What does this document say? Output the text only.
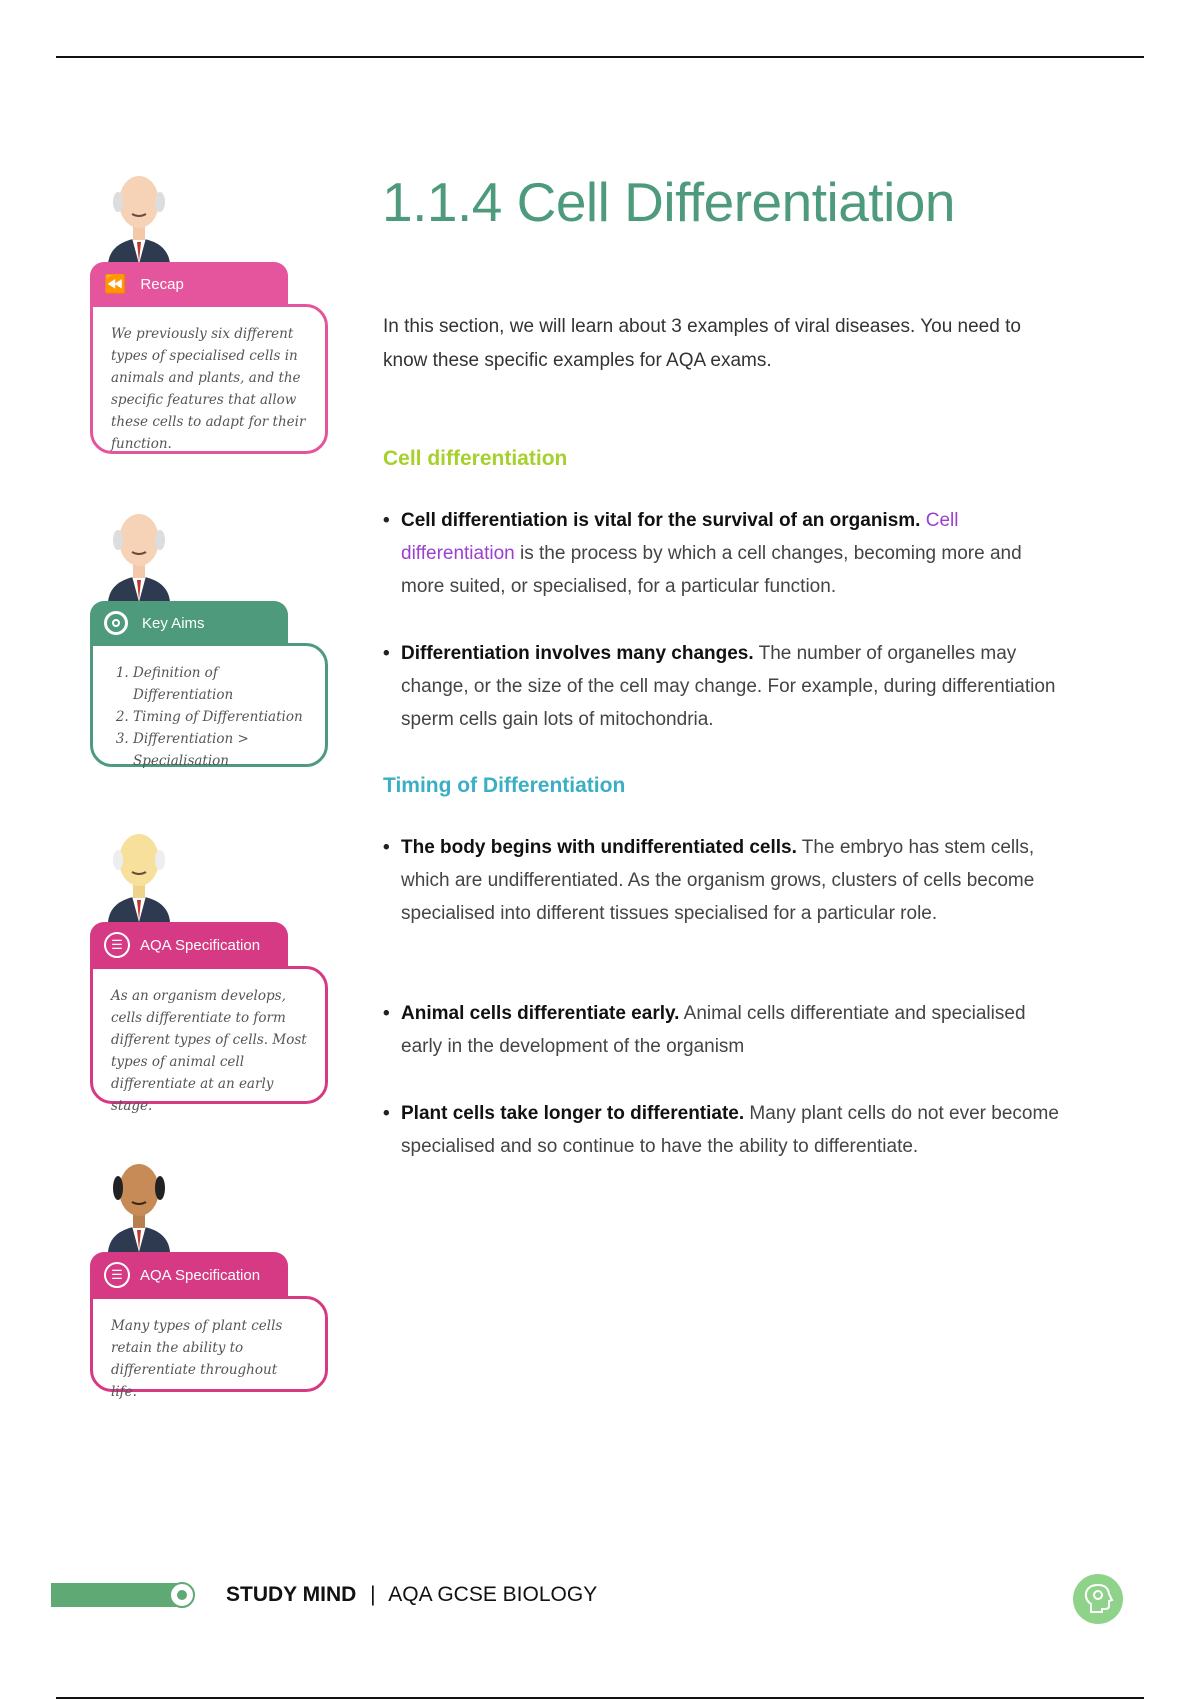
⏪ Recap
We previously six different types of specialised cells in animals and plants, and the specific features that allow these cells to adapt for their function.
Key Aims
1. Definition of Differentiation
2. Timing of Differentiation
3. Differentiation > Specialisation
☰	AQA Specification
As an organism develops, cells differentiate to form different types of cells. Most types of animal cell differentiate at an early stage.
☰	AQA Specification
Many types of plant cells retain the ability to differentiate throughout life.
1.1.4 Cell Differentiation
In this section, we will learn about 3 examples of viral diseases. You need to know these specific examples for AQA exams.
Cell differentiation
• Cell differentiation is vital for the survival of an organism. Cell differentiation is the process by which a cell changes, becoming more and more suited, or specialised, for a particular function.
• Differentiation involves many changes. The number of organelles may change, or the size of the cell may change. For example, during differentiation sperm cells gain lots of mitochondria.
Timing of Differentiation
• The body begins with undifferentiated cells. The embryo has stem cells, which are undifferentiated. As the organism grows, clusters of cells become specialised into different tissues specialised for a particular role.
• Animal cells differentiate early. Animal cells differentiate and specialised early in the development of the organism
• Plant cells take longer to differentiate. Many plant cells do not ever become specialised and so continue to have the ability to differentiate.
STUDY MIND | AQA GCSE BIOLOGY
